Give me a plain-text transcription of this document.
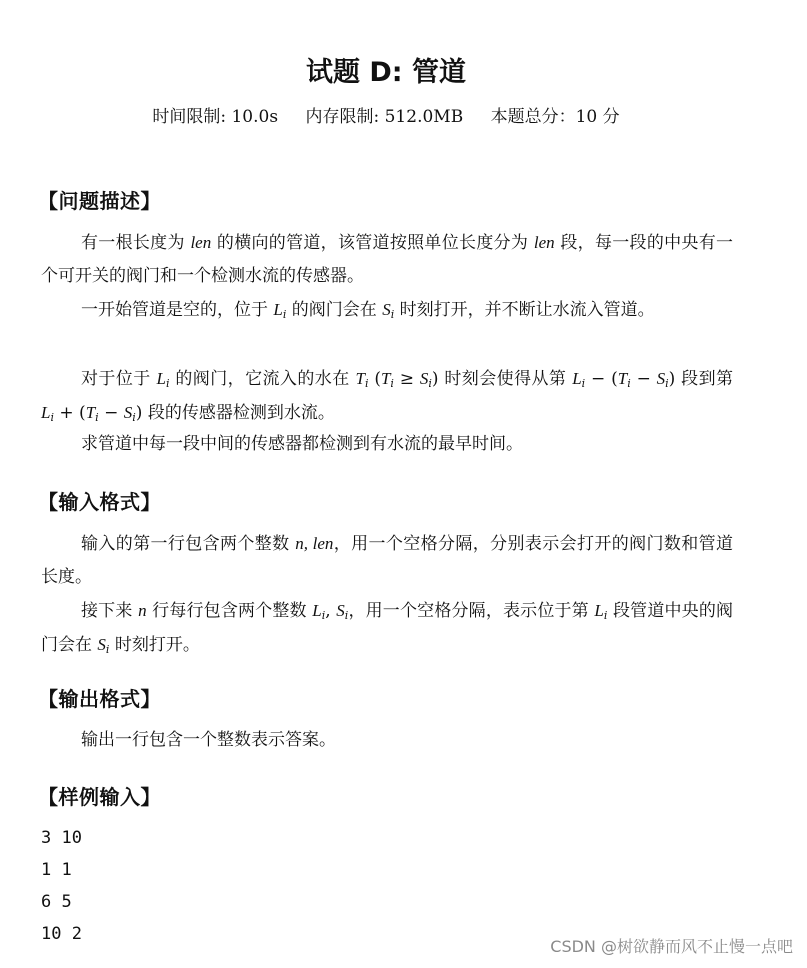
试题 D: 管道
时间限制: 10.0s 内存限制: 512.0MB 本题总分：10 分
【问题描述】
有一根长度为 len 的横向的管道，该管道按照单位长度分为 len 段，每一段的中央有一个可开关的阀门和一个检测水流的传感器。
一开始管道是空的，位于 $L_i$ 的阀门会在 $S_i$ 时刻打开，并不断让水流入管道。
对于位于 $L_i$ 的阀门，它流入的水在 $T_i$ $(T_i \ge S_i)$ 时刻会使得从第 $L_i - (T_i - S_i)$ 段到第 $L_i + (T_i - S_i)$ 段的传感器检测到水流。
求管道中每一段中间的传感器都检测到有水流的最早时间。
【输入格式】
输入的第一行包含两个整数 n, len，用一个空格分隔，分别表示会打开的阀门数和管道长度。
接下来 n 行每行包含两个整数 $L_i$, $S_i$，用一个空格分隔，表示位于第 $L_i$ 段管道中央的阀门会在 $S_i$ 时刻打开。
【输出格式】
输出一行包含一个整数表示答案。
【样例输入】
3 10
1 1
6 5
10 2
CSDN @树欲静而风不止慢一点吧
